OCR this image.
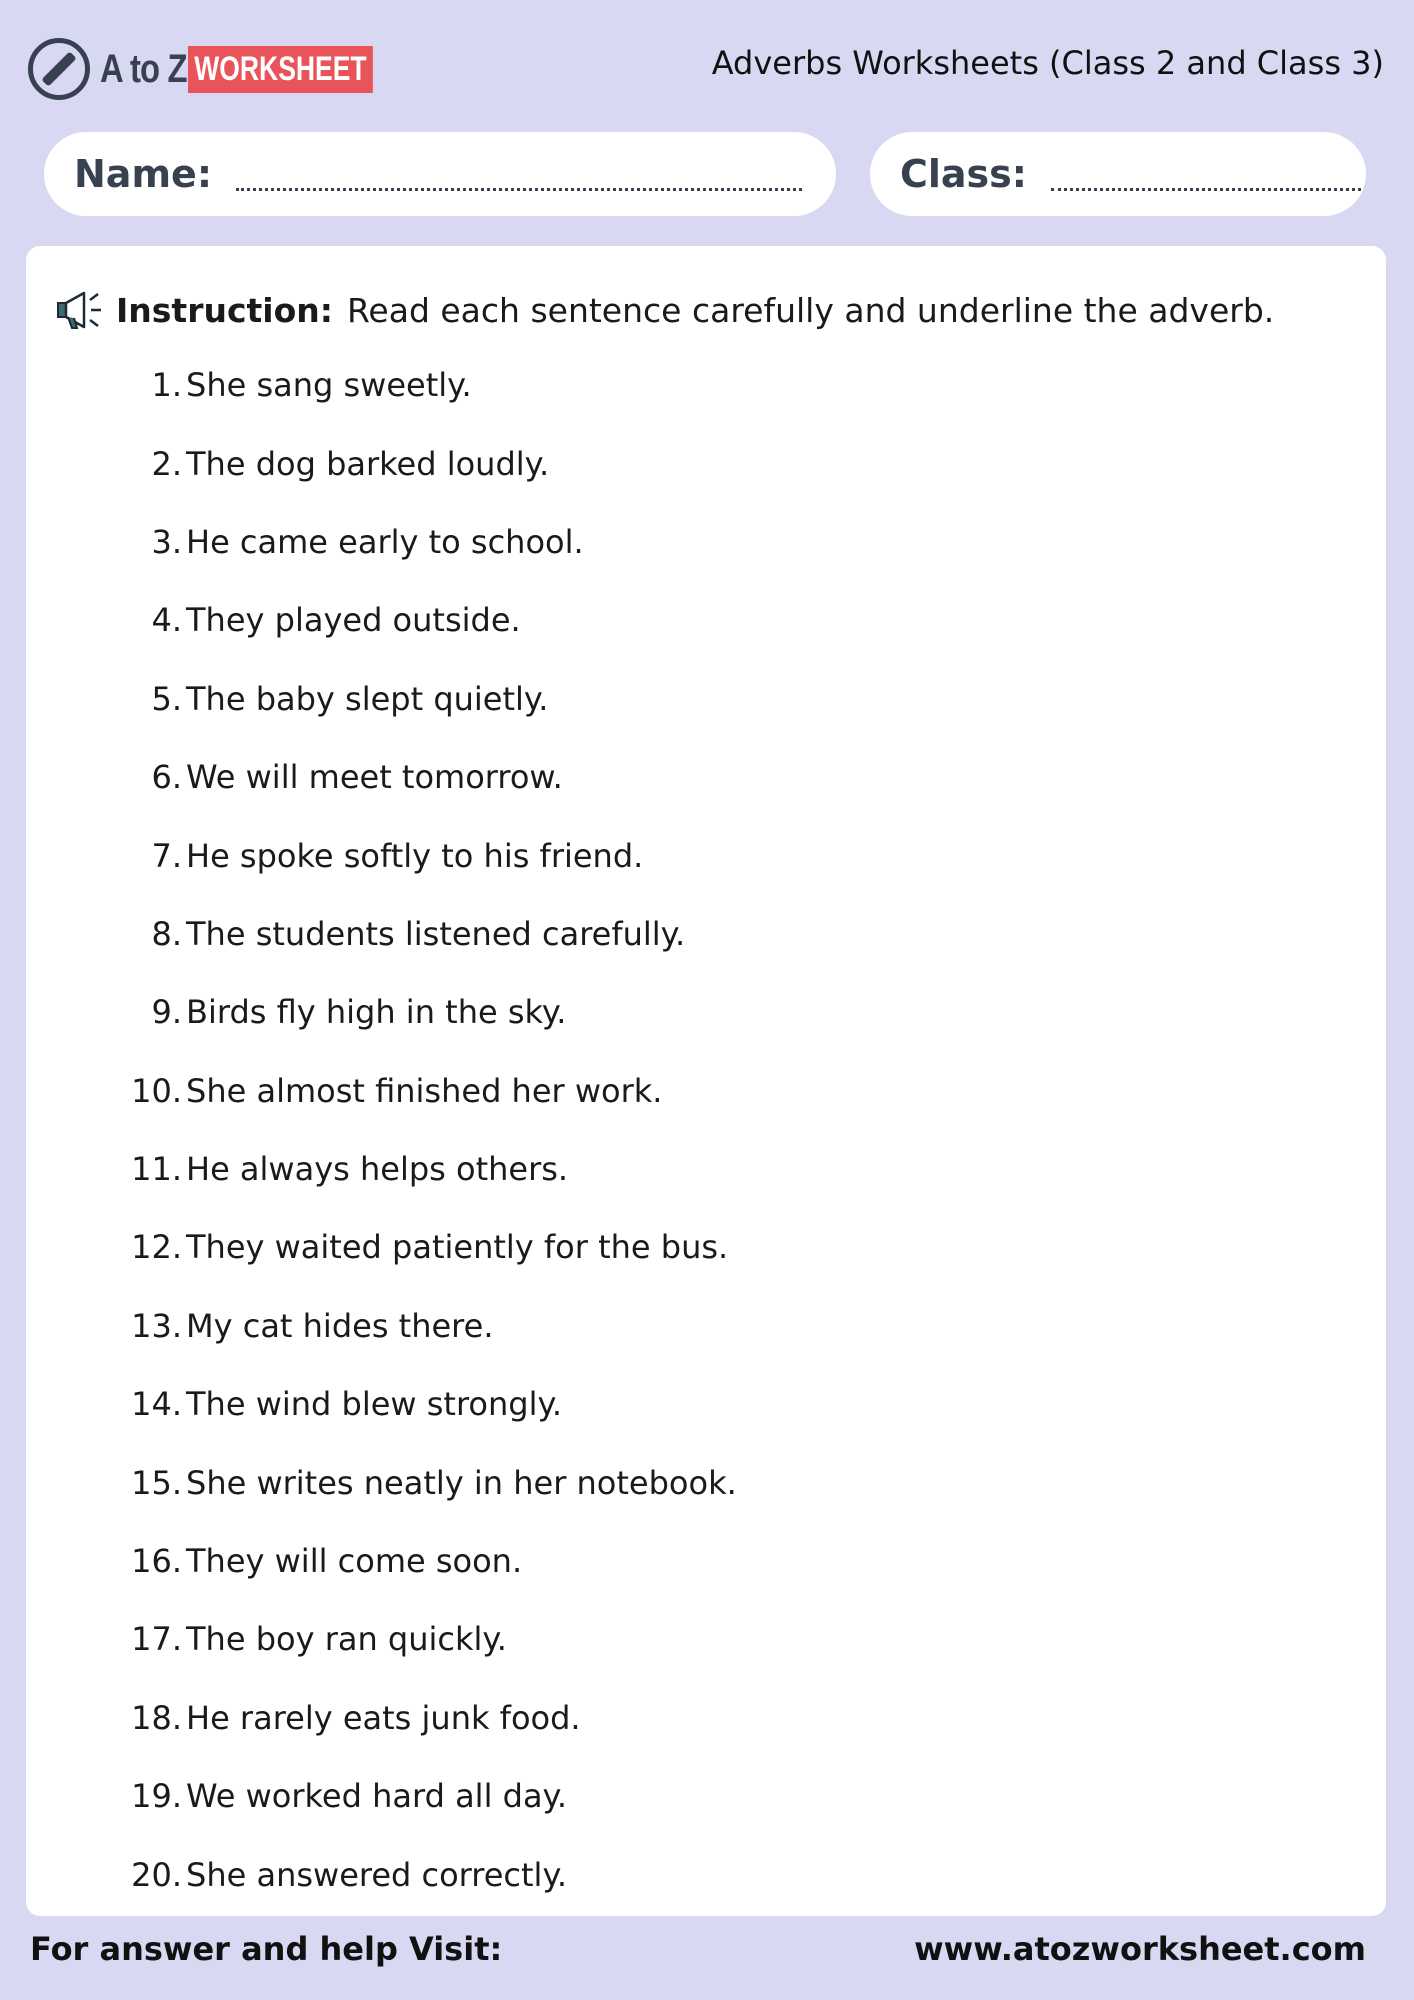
A to Z WORKSHEET	Adverbs Worksheets (Class 2 and Class 3)
Name:	Class:
Instruction: Read each sentence carefully and underline the adverb.
1. She sang sweetly.
2. The dog barked loudly.
3. He came early to school.
4. They played outside.
5. The baby slept quietly.
6. We will meet tomorrow.
7. He spoke softly to his friend.
8. The students listened carefully.
9. Birds fly high in the sky.
10. She almost finished her work.
11. He always helps others.
12. They waited patiently for the bus.
13. My cat hides there.
14. The wind blew strongly.
15. She writes neatly in her notebook.
16. They will come soon.
17. The boy ran quickly.
18. He rarely eats junk food.
19. We worked hard all day.
20. She answered correctly.
For answer and help Visit:	www.atozworksheet.com
